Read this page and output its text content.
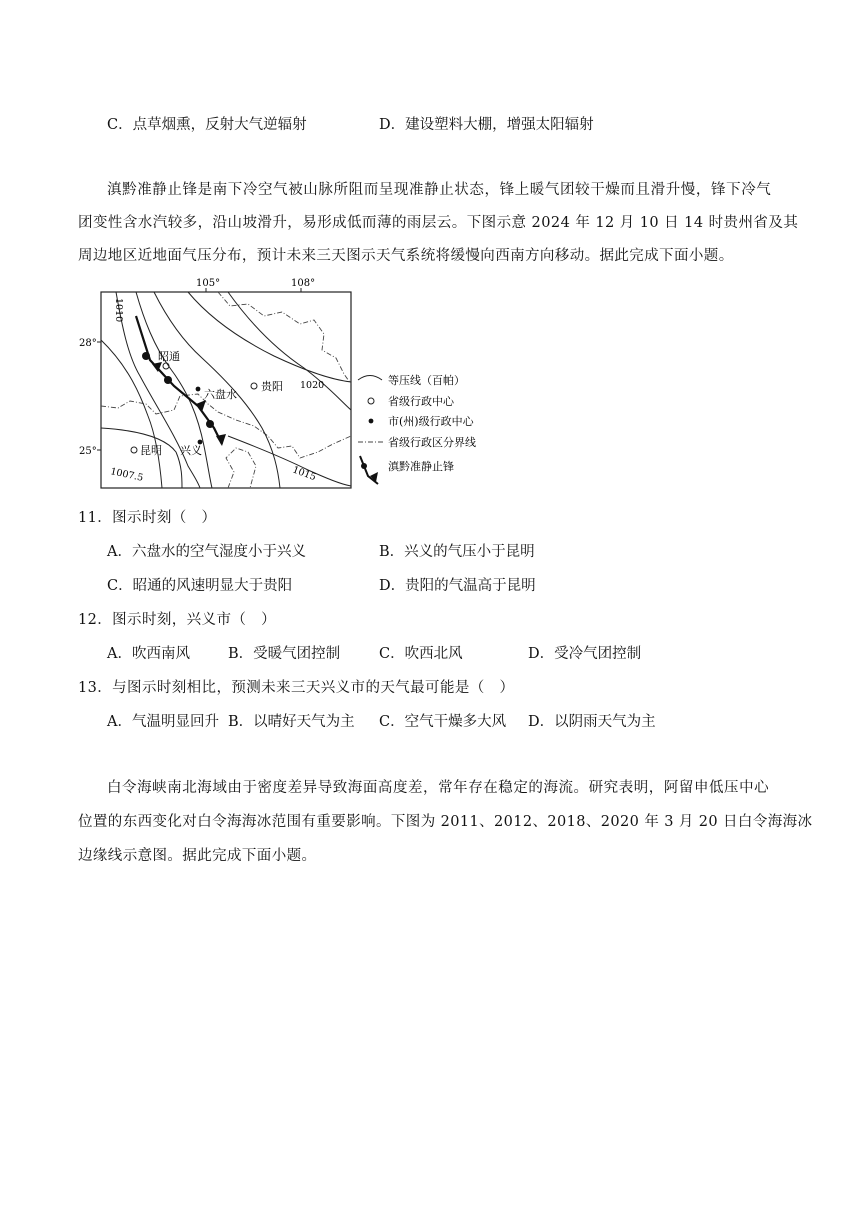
C．点草烟熏，反射大气逆辐射	D．建设塑料大棚，增强太阳辐射
滇黔准静止锋是南下冷空气被山脉所阻而呈现准静止状态，锋上暖气团较干燥而且滑升慢，锋下冷气
团变性含水汽较多，沿山坡滑升，易形成低而薄的雨层云。下图示意 2024 年 12 月 10 日 14 时贵州省及其
周边地区近地面气压分布，预计未来三天图示天气系统将缓慢向西南方向移动。据此完成下面小题。
105°	108°
28°
25°
1010
1020
1015
1007.5
昭通
六盘水
贵阳
昆明 兴义
等压线（百帕）
省级行政中心
市(州)级行政中心
省级行政区分界线
滇黔准静止锋
11．图示时刻（　）
A．六盘水的空气湿度小于兴义	B．兴义的气压小于昆明
C．昭通的风速明显大于贵阳	D．贵阳的气温高于昆明
12．图示时刻，兴义市（　）
A．吹西南风	B．受暖气团控制	C．吹西北风	D．受冷气团控制
13．与图示时刻相比，预测未来三天兴义市的天气最可能是（　）
A．气温明显回升 B．以晴好天气为主 C．空气干燥多大风 D．以阴雨天气为主
白令海峡南北海域由于密度差异导致海面高度差，常年存在稳定的海流。研究表明，阿留申低压中心
位置的东西变化对白令海海冰范围有重要影响。下图为 2011、2012、2018、2020 年 3 月 20 日白令海海冰
边缘线示意图。据此完成下面小题。
